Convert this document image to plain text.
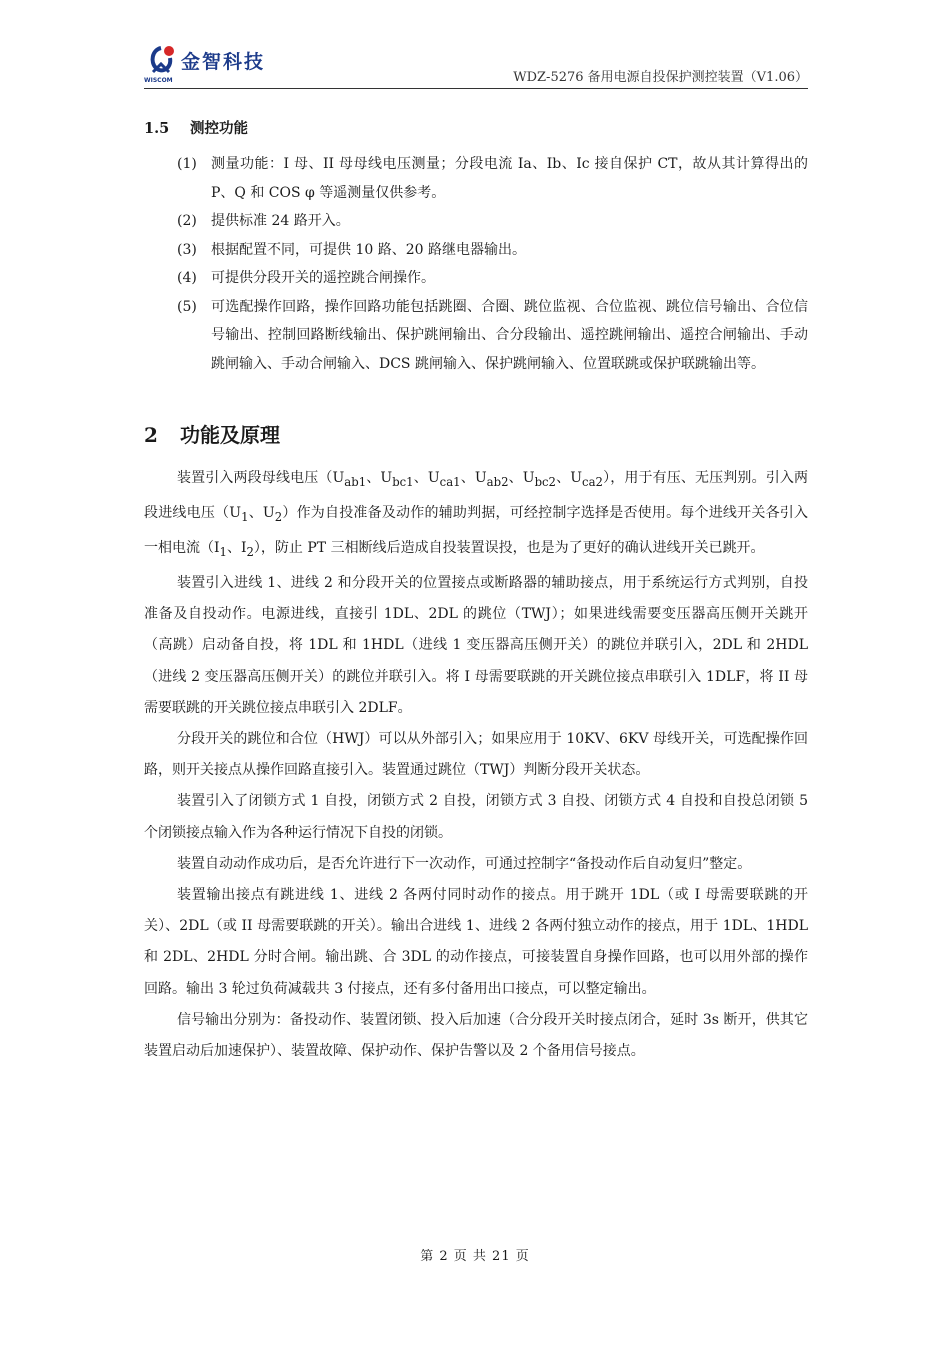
WISCOM
金智科技
WDZ-5276 备用电源自投保护测控装置（V1.06）
1.5 测控功能
(1)	测量功能：I 母、II 母母线电压测量；分段电流 Ia、Ib、Ic 接自保护 CT，故从其计算得出的 P、Q 和 COS φ 等遥测量仅供参考。
(2)	提供标准 24 路开入。
(3)	根据配置不同，可提供 10 路、20 路继电器输出。
(4)	可提供分段开关的遥控跳合闸操作。
(5)	可选配操作回路，操作回路功能包括跳圈、合圈、跳位监视、合位监视、跳位信号输出、合位信号输出、控制回路断线输出、保护跳闸输出、合分段输出、遥控跳闸输出、遥控合闸输出、手动跳闸输入、手动合闸输入、DCS 跳闸输入、保护跳闸输入、位置联跳或保护联跳输出等。
2 功能及原理

装置引入两段母线电压（$U_{ab1}$、$U_{bc1}$、$U_{ca1}$、$U_{ab2}$、$U_{bc2}$、$U_{ca2}$），用于有压、无压判别。引入两段进线电压（$U_1$、$U_2$）作为自投准备及动作的辅助判据，可经控制字选择是否使用。每个进线开关各引入一相电流（$I_1$、$I_2$），防止 PT 三相断线后造成自投装置误投，也是为了更好的确认进线开关已跳开。

装置引入进线 1、进线 2 和分段开关的位置接点或断路器的辅助接点，用于系统运行方式判别，自投准备及自投动作。电源进线，直接引 1DL、2DL 的跳位（TWJ）；如果进线需要变压器高压侧开关跳开（高跳）启动备自投，将 1DL 和 1HDL（进线 1 变压器高压侧开关）的跳位并联引入，2DL 和 2HDL（进线 2 变压器高压侧开关）的跳位并联引入。将 I 母需要联跳的开关跳位接点串联引入 1DLF，将 II 母需要联跳的开关跳位接点串联引入 2DLF。

分段开关的跳位和合位（HWJ）可以从外部引入；如果应用于 10KV、6KV 母线开关，可选配操作回路，则开关接点从操作回路直接引入。装置通过跳位（TWJ）判断分段开关状态。

装置引入了闭锁方式 1 自投，闭锁方式 2 自投，闭锁方式 3 自投、闭锁方式 4 自投和自投总闭锁 5 个闭锁接点输入作为各种运行情况下自投的闭锁。

装置自动动作成功后，是否允许进行下一次动作，可通过控制字“备投动作后自动复归”整定。

装置输出接点有跳进线 1、进线 2 各两付同时动作的接点。用于跳开 1DL（或 I 母需要联跳的开关）、2DL（或 II 母需要联跳的开关）。输出合进线 1、进线 2 各两付独立动作的接点，用于 1DL、1HDL 和 2DL、2HDL 分时合闸。输出跳、合 3DL 的动作接点，可接装置自身操作回路，也可以用外部的操作回路。输出 3 轮过负荷减载共 3 付接点，还有多付备用出口接点，可以整定输出。

信号输出分别为：备投动作、装置闭锁、投入后加速（合分段开关时接点闭合，延时 3s 断开，供其它装置启动后加速保护）、装置故障、保护动作、保护告警以及 2 个备用信号接点。

第 2 页 共 21 页
